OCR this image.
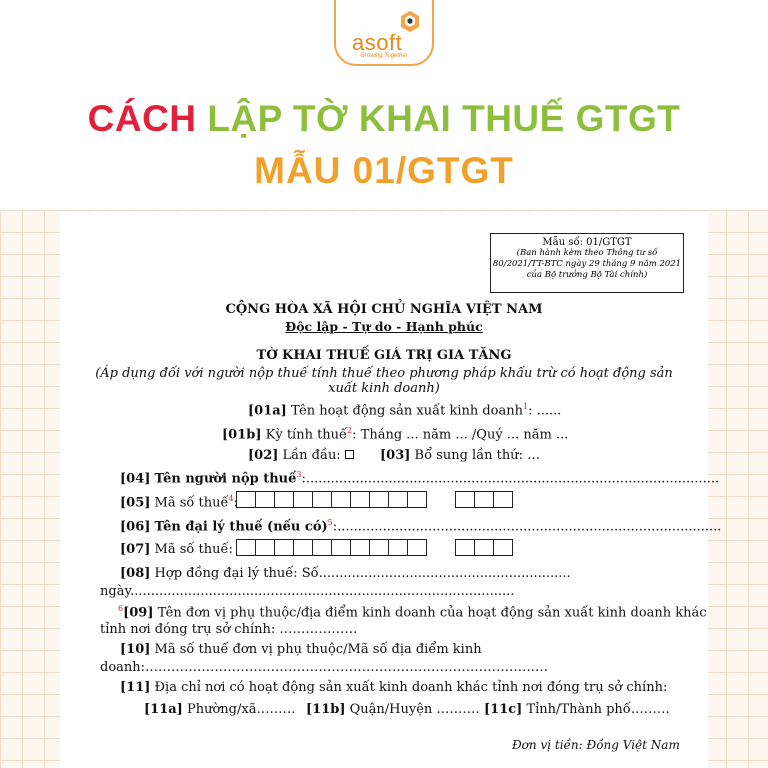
asoft
Growing Together
CÁCH LẬP TỜ KHAI THUẾ GTGT
MẪU 01/GTGT
Mẫu số: 01/GTGT
(Ban hành kèm theo Thông tư số
80/2021/TT-BTC ngày 29 tháng 9 năm 2021
của Bộ trưởng Bộ Tài chính)
CỘNG HÒA XÃ HỘI CHỦ NGHĨA VIỆT NAM
Độc lập - Tự do - Hạnh phúc
TỜ KHAI THUẾ GIÁ TRỊ GIA TĂNG
(Áp dụng đối với người nộp thuế tính thuế theo phương pháp khấu trừ có hoạt động sản
xuất kinh doanh)
[01a] Tên hoạt động sản xuất kinh doanh$^1$: ......
[01b] Kỳ tính thuế$^2$: Tháng ... năm ... /Quý ... năm ...
[02] Lần đầu:	[03] Bổ sung lần thứ: …
[04] Tên người nộp thuế$^3$:....................................................................................................
[05] Mã số thuế$^4$:
[06] Tên đại lý thuế (nếu có)$^5$:.............................................................................................
[07] Mã số thuế:
[08] Hợp đồng đại lý thuế: Số.............................................................
ngày.............................................................................................
$^6$[09] Tên đơn vị phụ thuộc/địa điểm kinh doanh của hoạt động sản xuất kinh doanh khác
tỉnh nơi đóng trụ sở chính: ………………
[10] Mã số thuế đơn vị phụ thuộc/Mã số địa điểm kinh
doanh:…………………………………………………………………………………
[11] Địa chỉ nơi có hoạt động sản xuất kinh doanh khác tỉnh nơi đóng trụ sở chính:
[11a] Phường/xã……… [11b] Quận/Huyện ………. [11c] Tỉnh/Thành phố………
Đơn vị tiền: Đồng Việt Nam
